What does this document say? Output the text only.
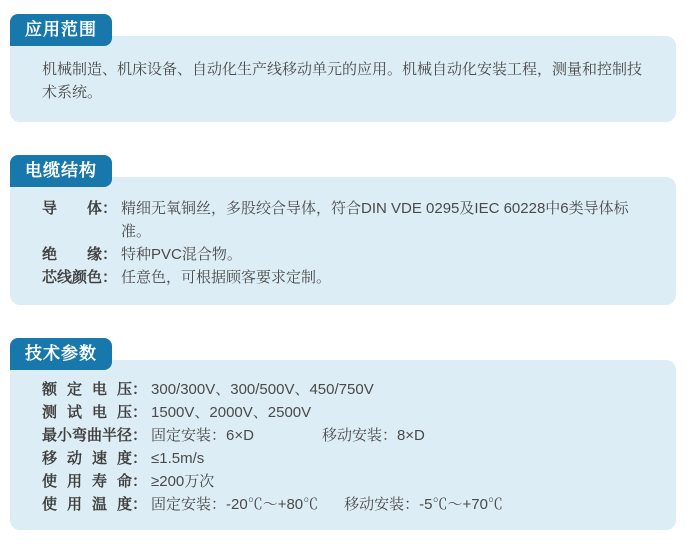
应用范围

机械制造、机床设备、自动化生产线移动单元的应用。机械自动化安装工程，测量和控制技术系统。

电缆结构
导体 ： 精细无氧铜丝，多股绞合导体，符合DIN VDE 0295及IEC 60228中6类导体标准。
绝缘 ： 特种PVC混合物。
芯线颜色 ： 任意色，可根据顾客要求定制。
技术参数
额定电压 ： 300/300V、300/500V、450/750V
测试电压 ： 1500V、2000V、2500V
最小弯曲半径 ： 固定安装：6×D	移动安装：8×D
移动速度 ： ≤1.5m/s
使用寿命 ： ≥200万次
使用温度 ： 固定安装：-20℃～+80℃ 移动安装：-5℃～+70℃
